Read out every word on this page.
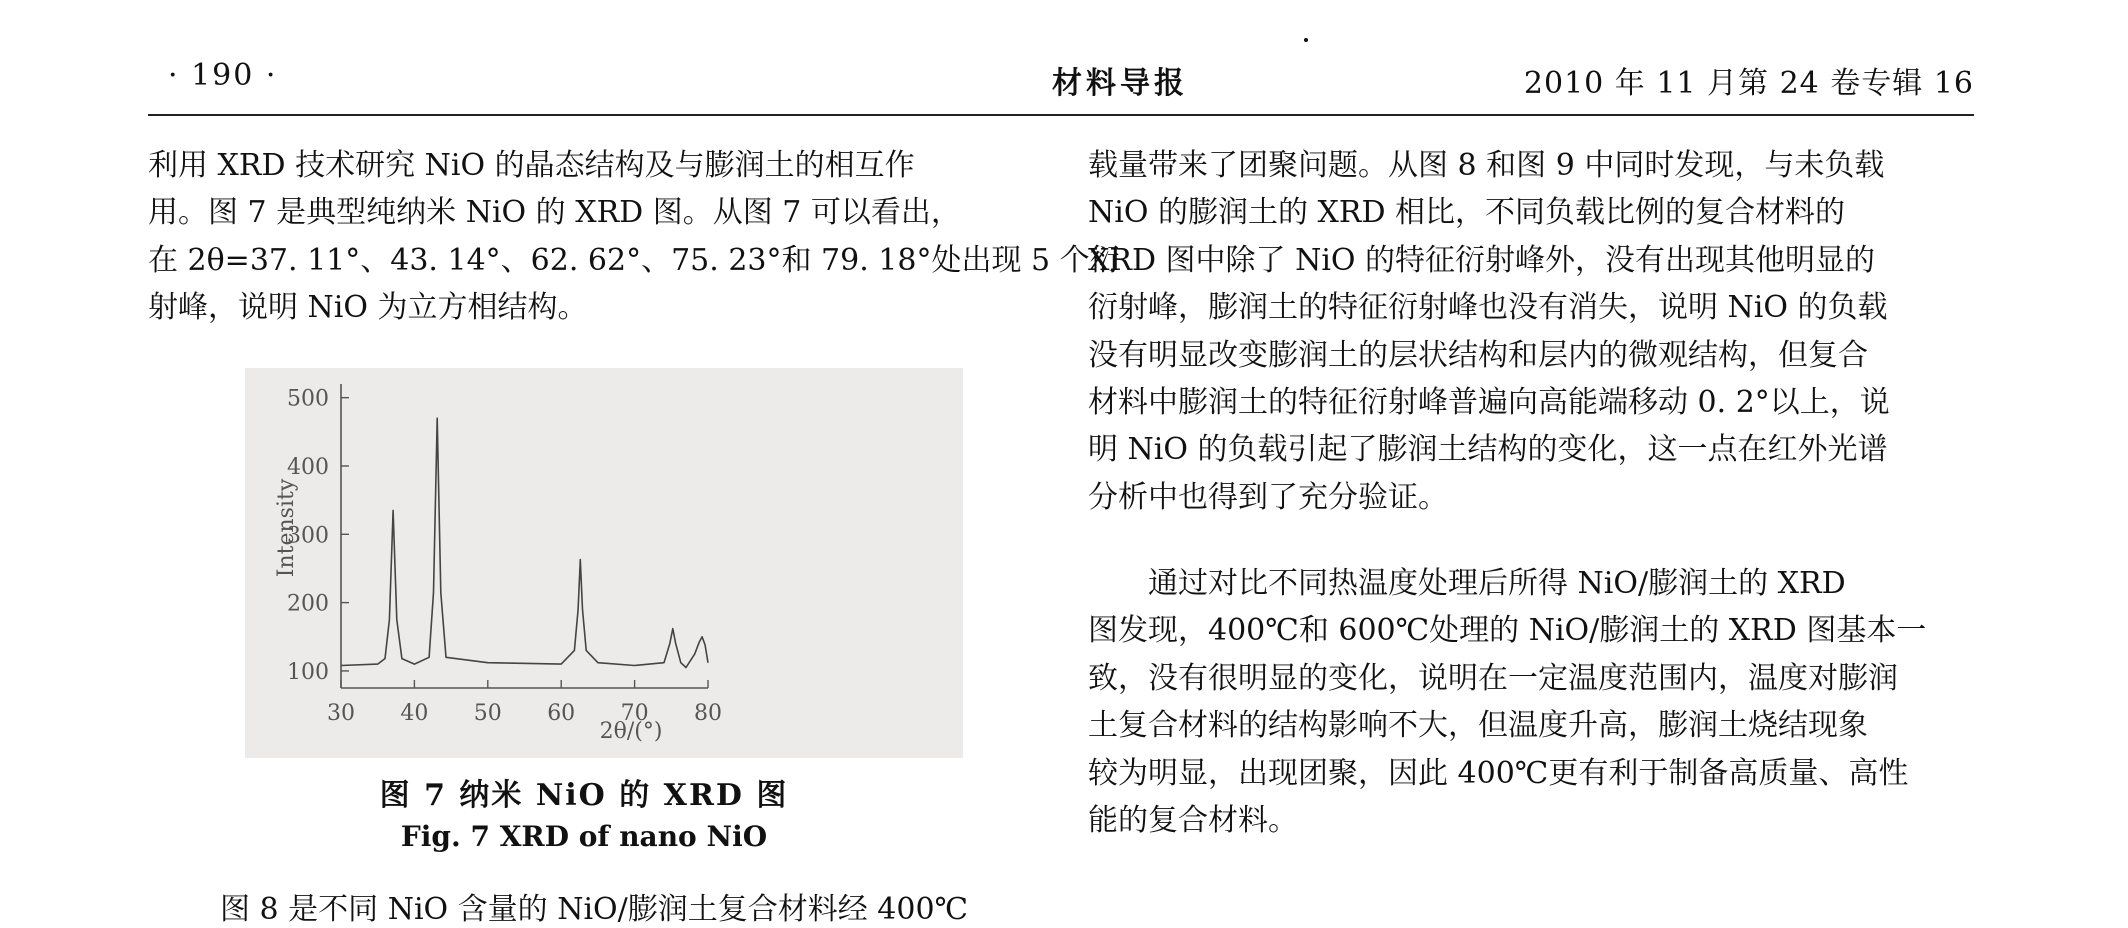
· 190 ·	材料导报	2010 年 11 月第 24 卷专辑 16
利用 XRD 技术研究 NiO 的晶态结构及与膨润土的相互作
用。图 7 是典型纯纳米 NiO 的 XRD 图。从图 7 可以看出，
在 2θ=37. 11°、43. 14°、62. 62°、75. 23°和 79. 18°处出现 5 个衍
射峰，说明 NiO 为立方相结构。
Intensity
2θ/(°)
30 40 50 60 70 80
100
200
300
400
500
图 7 纳米 NiO 的 XRD 图
Fig. 7 XRD of nano NiO
图 8 是不同 NiO 含量的 NiO/膨润土复合材料经 400℃
载量带来了团聚问题。从图 8 和图 9 中同时发现，与未负载
NiO 的膨润土的 XRD 相比，不同负载比例的复合材料的
XRD 图中除了 NiO 的特征衍射峰外，没有出现其他明显的
衍射峰，膨润土的特征衍射峰也没有消失，说明 NiO 的负载
没有明显改变膨润土的层状结构和层内的微观结构，但复合
材料中膨润土的特征衍射峰普遍向高能端移动 0. 2°以上，说
明 NiO 的负载引起了膨润土结构的变化，这一点在红外光谱
分析中也得到了充分验证。
通过对比不同热温度处理后所得 NiO/膨润土的 XRD
图发现，400℃和 600℃处理的 NiO/膨润土的 XRD 图基本一
致，没有很明显的变化，说明在一定温度范围内，温度对膨润
土复合材料的结构影响不大，但温度升高，膨润土烧结现象
较为明显，出现团聚，因此 400℃更有利于制备高质量、高性
能的复合材料。
